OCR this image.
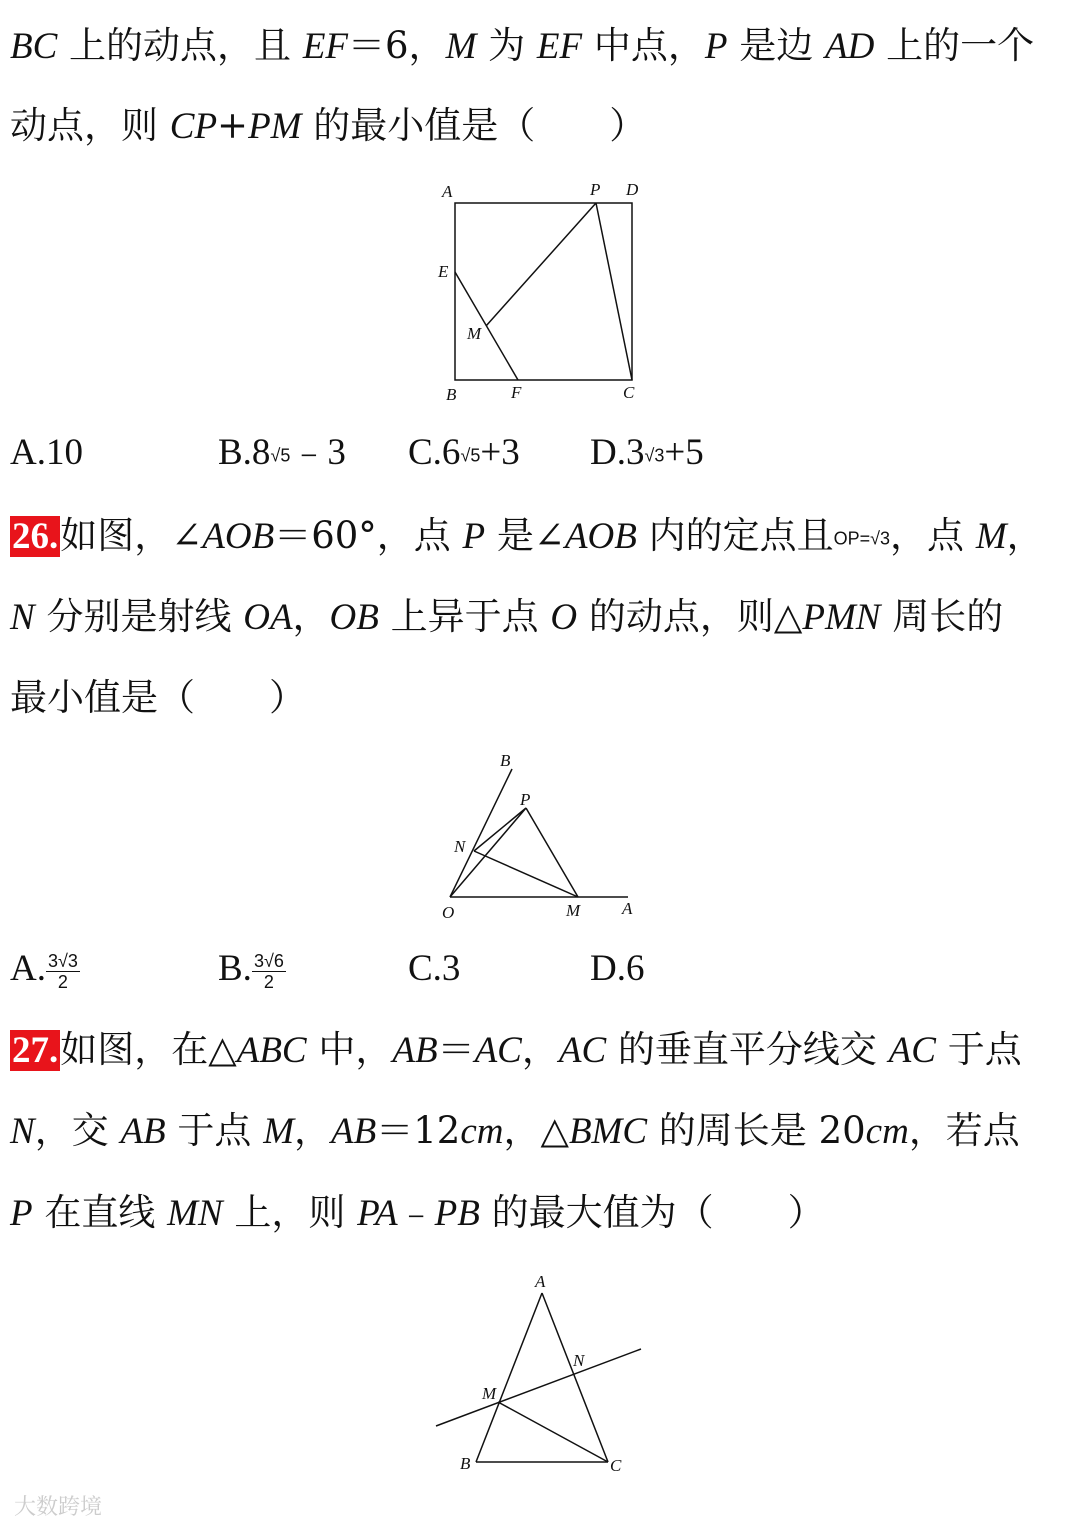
BC 上的动点，且 EF＝6，M 为 EF 中点，P 是边 AD 上的一个
动点，则 CP+PM 的最小值是（　　）
A	P D
E
M
B	F	C
A.10	B.8√5﹣3 C.6√5+3 D.3√3+5
26.如图，∠AOB＝60°，点 P 是∠AOB 内的定点且OP=√3，点 M，
N 分别是射线 OA，OB 上异于点 O 的动点，则△PMN 周长的
最小值是（　　）
B
P
N
O	M A
A. $\frac{3√3}{2}$	B. $\frac{3√6}{2}$	C.3	D.6
27.如图，在△ABC 中，AB＝AC，AC 的垂直平分线交 AC 于点
N，交 AB 于点 M，AB＝12cm，△BMC 的周长是 20cm，若点
P 在直线 MN 上，则 PA﹣PB 的最大值为（　　）
A
N
M
B	C
大数跨境
